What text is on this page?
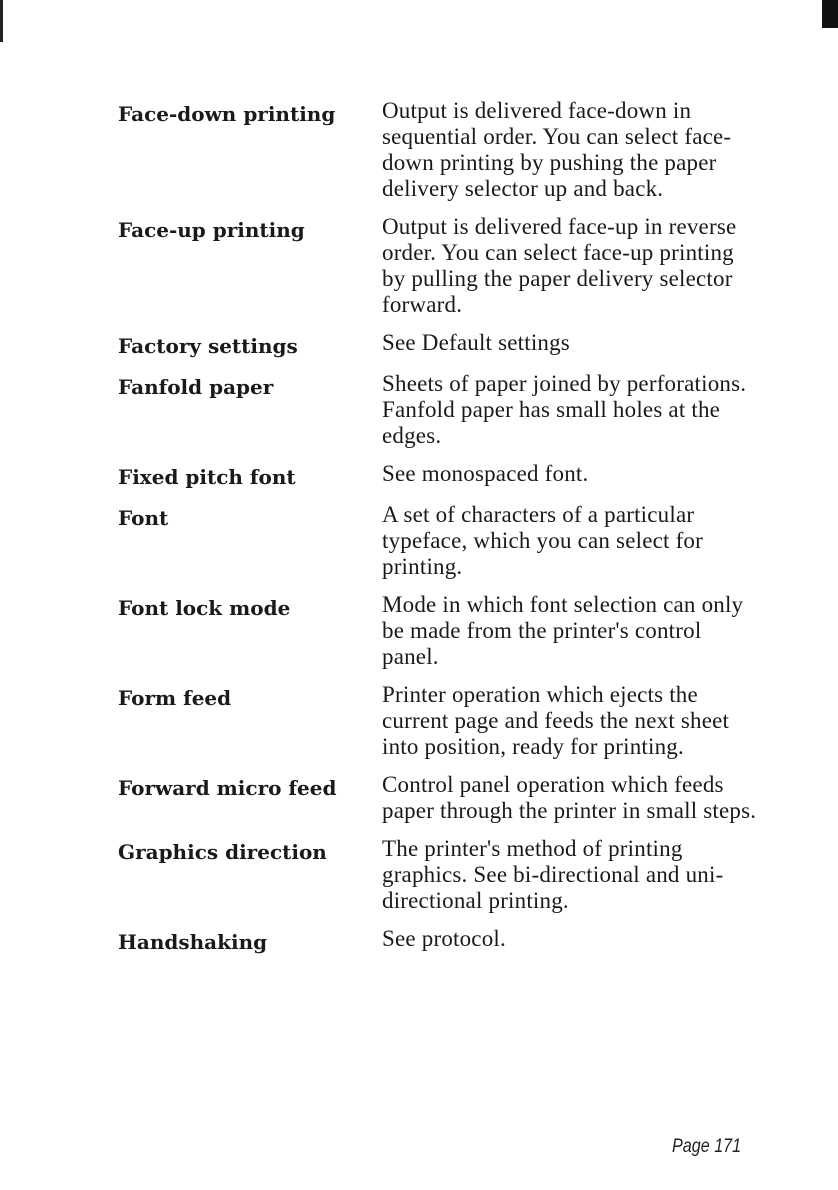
Face-down printing	Output is delivered face-down in sequential order. You can select face-down printing by pushing the paper delivery selector up and back.
Face-up printing	Output is delivered face-up in reverse order. You can select face-up printing by pulling the paper delivery selector forward.
Factory settings	See Default settings
Fanfold paper	Sheets of paper joined by perforations. Fanfold paper has small holes at the edges.
Fixed pitch font	See monospaced font.
Font	A set of characters of a particular typeface, which you can select for printing.
Font lock mode	Mode in which font selection can only be made from the printer's control panel.
Form feed	Printer operation which ejects the current page and feeds the next sheet into position, ready for printing.
Forward micro feed	Control panel operation which feeds paper through the printer in small steps.
Graphics direction	The printer's method of printing graphics. See bi-directional and uni-directional printing.
Handshaking	See protocol.
Page 171
